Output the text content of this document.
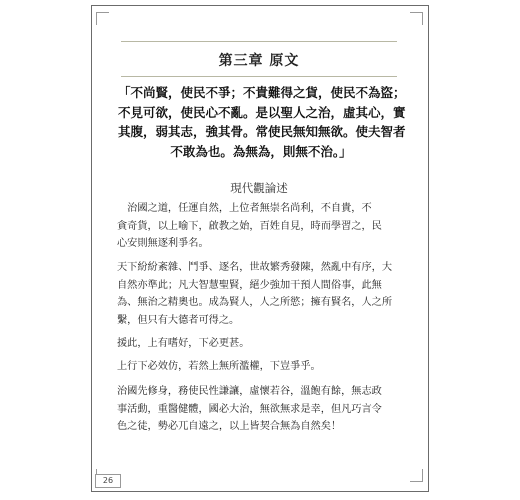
第三章 原文
「不尚賢，使民不爭；不貴難得之貨，使民不為盜；
不見可欲，使民心不亂。是以聖人之治，虛其心，實
其腹，弱其志，強其骨。常使民無知無欲。使夫智者
不敢為也。為無為，則無不治。」
現代觀論述
　治國之道，任運自然，上位者無崇名尚利，不自貴，不
貪奇貨，以上喻下，啟教之始，百姓自見，時而學習之，民
心安則無逐利爭名。
天下紛紛紊雜、鬥爭、逐名，世故繁秀發陳，然亂中有序，大
自然亦準此；凡大智慧聖賢，絕少強加干預人間俗事，此無
為、無治之精奧也。成為賢人，人之所慾；擁有賢名，人之所
繫，但只有大德者可得之。
援此，上有嗜好，下必更甚。
上行下必效仿，若然上無所濫權，下豈爭乎。
治國先修身，務使民性謙讓，虛懷若谷，溫飽有餘，無志政
事活動，重醫健體，國必大治，無欲無求是幸，但凡巧言令
色之徒，勢必兀自遠之，以上皆契合無為自然矣！
26
